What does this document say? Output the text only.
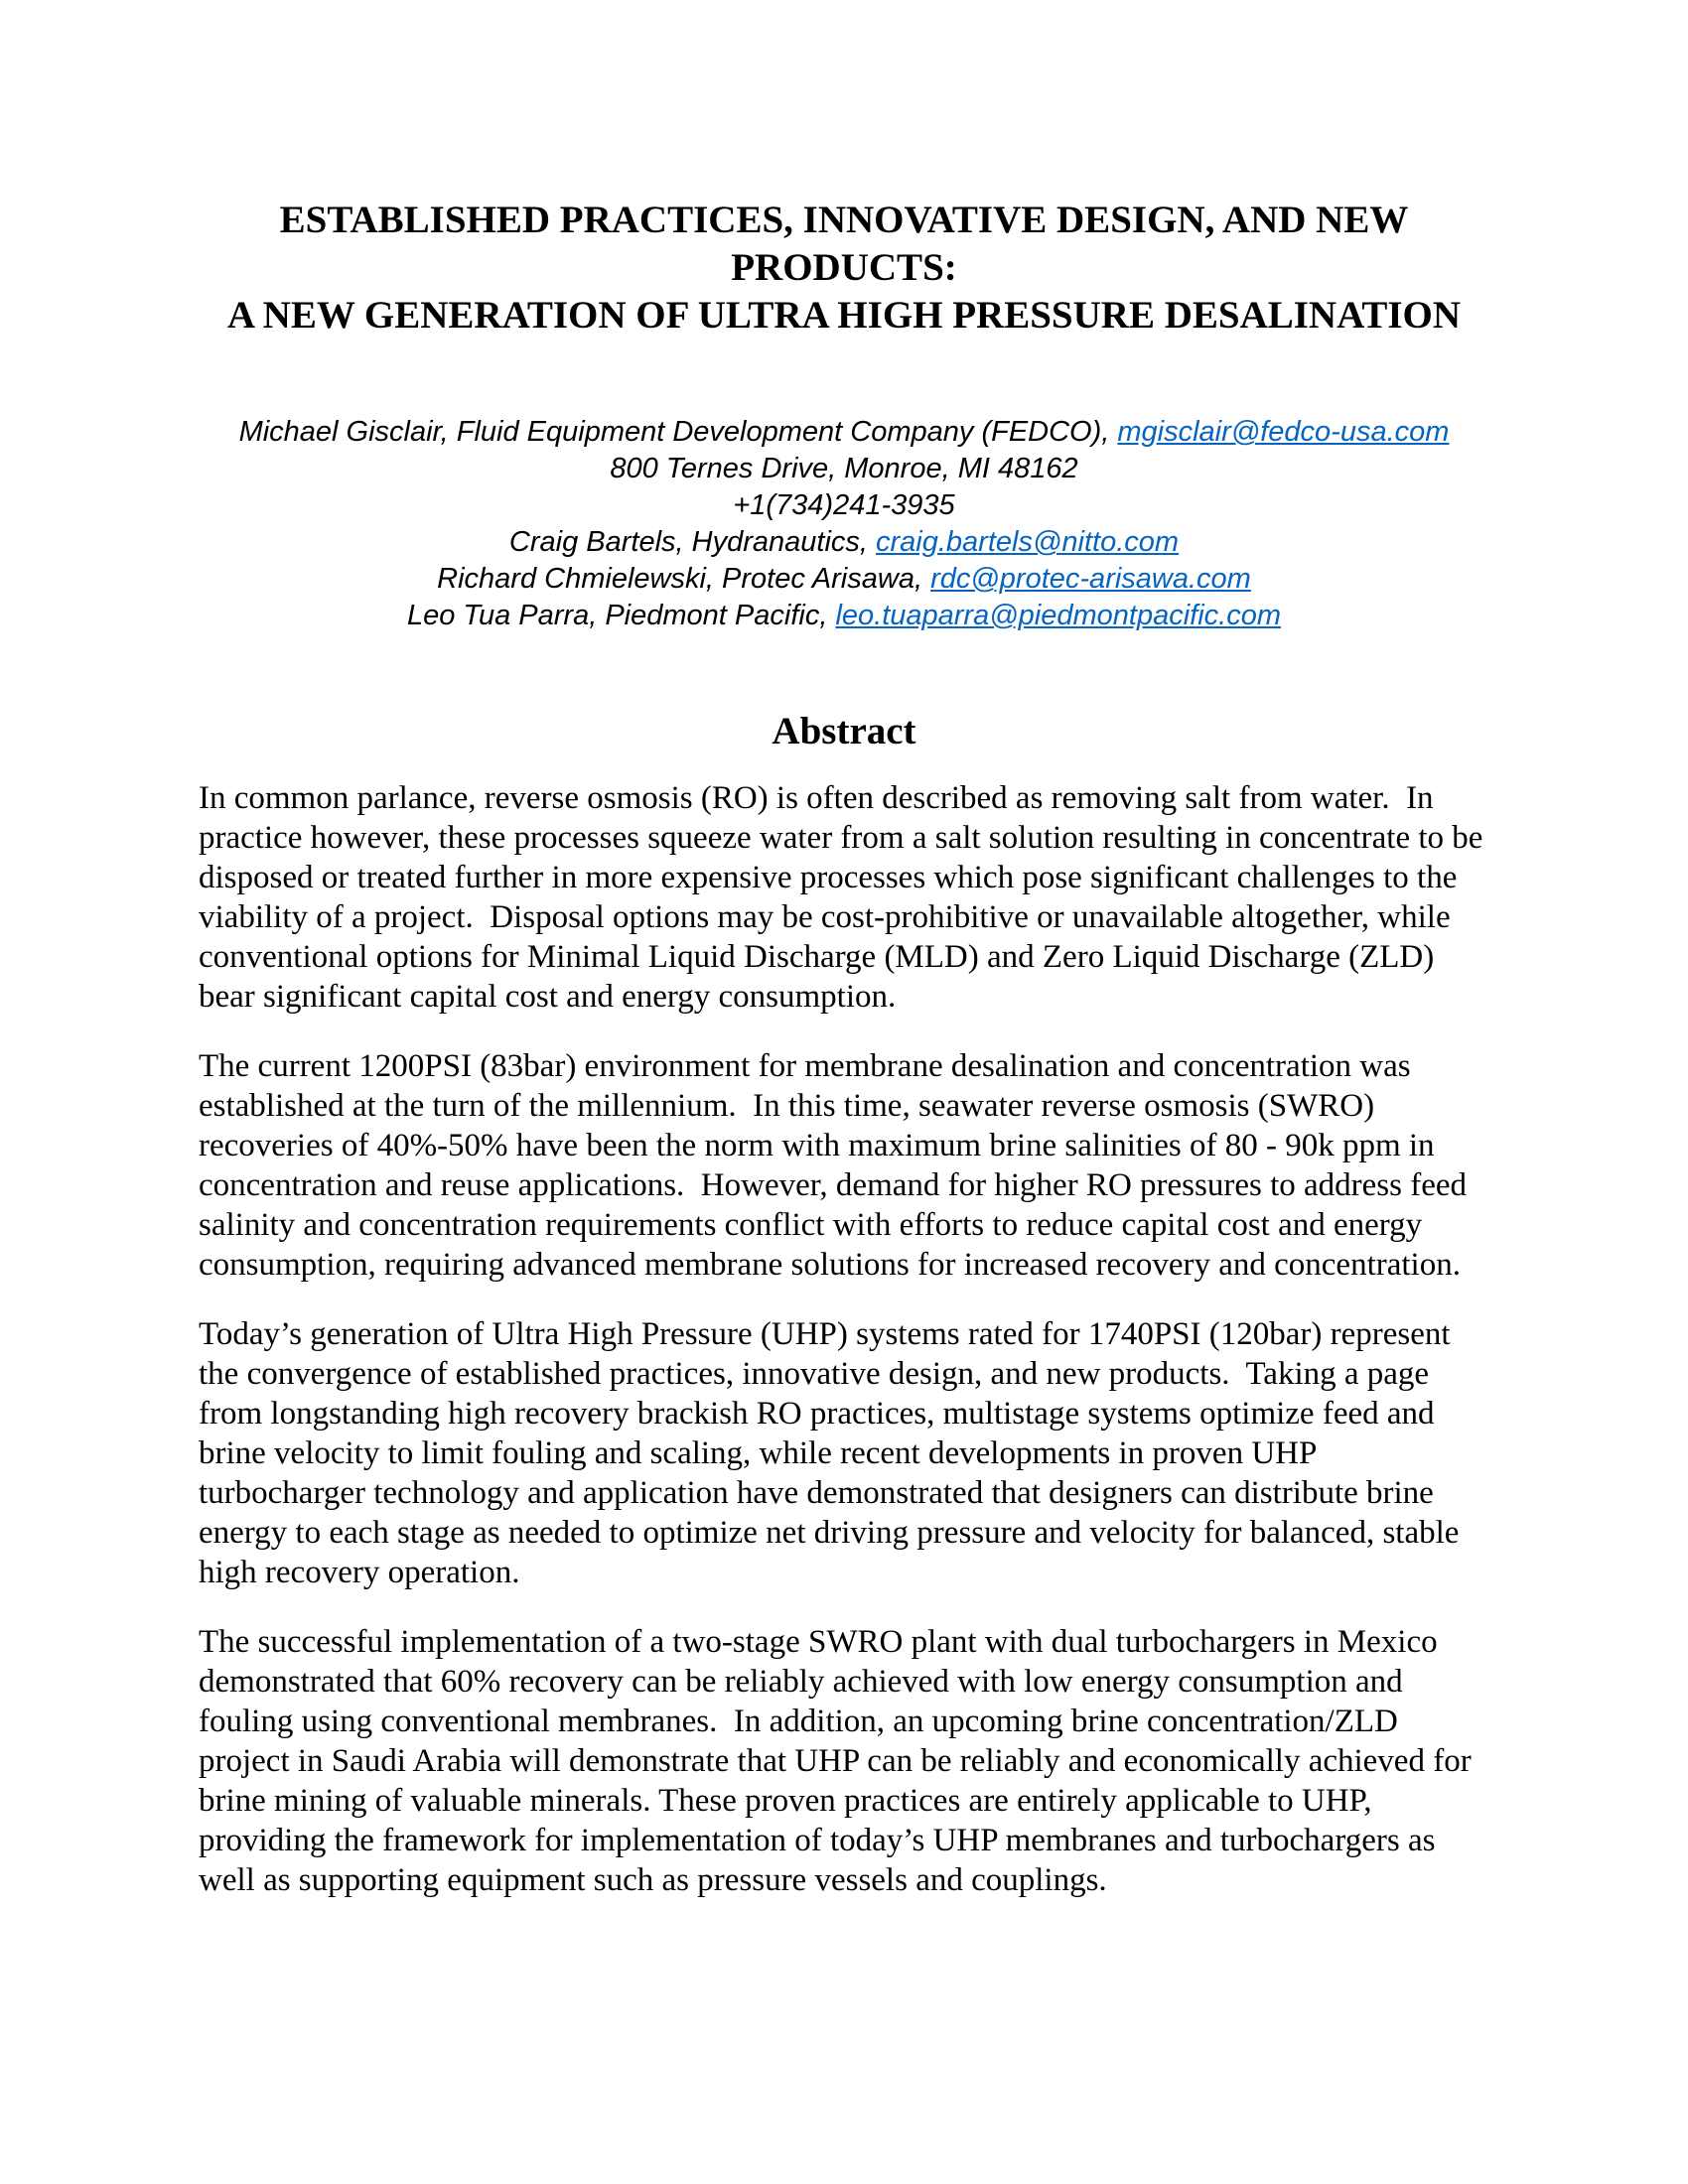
ESTABLISHED PRACTICES, INNOVATIVE DESIGN, AND NEW
PRODUCTS:
A NEW GENERATION OF ULTRA HIGH PRESSURE DESALINATION
Michael Gisclair, Fluid Equipment Development Company (FEDCO), mgisclair@fedco-usa.com
800 Ternes Drive, Monroe, MI 48162
+1(734)241-3935
Craig Bartels, Hydranautics, craig.bartels@nitto.com
Richard Chmielewski, Protec Arisawa, rdc@protec-arisawa.com
Leo Tua Parra, Piedmont Pacific, leo.tuaparra@piedmontpacific.com
Abstract

In common parlance, reverse osmosis (RO) is often described as removing salt from water.  In practice however, these processes squeeze water from a salt solution resulting in concentrate to be disposed or treated further in more expensive processes which pose significant challenges to the viability of a project.  Disposal options may be cost-prohibitive or unavailable altogether, while conventional options for Minimal Liquid Discharge (MLD) and Zero Liquid Discharge (ZLD) bear significant capital cost and energy consumption.

The current 1200PSI (83bar) environment for membrane desalination and concentration was established at the turn of the millennium.  In this time, seawater reverse osmosis (SWRO) recoveries of 40%-50% have been the norm with maximum brine salinities of 80 - 90k ppm in concentration and reuse applications.  However, demand for higher RO pressures to address feed salinity and concentration requirements conflict with efforts to reduce capital cost and energy consumption, requiring advanced membrane solutions for increased recovery and concentration.

Today’s generation of Ultra High Pressure (UHP) systems rated for 1740PSI (120bar) represent the convergence of established practices, innovative design, and new products.  Taking a page from longstanding high recovery brackish RO practices, multistage systems optimize feed and brine velocity to limit fouling and scaling, while recent developments in proven UHP turbocharger technology and application have demonstrated that designers can distribute brine energy to each stage as needed to optimize net driving pressure and velocity for balanced, stable high recovery operation.

The successful implementation of a two-stage SWRO plant with dual turbochargers in Mexico demonstrated that 60% recovery can be reliably achieved with low energy consumption and fouling using conventional membranes.  In addition, an upcoming brine concentration/ZLD project in Saudi Arabia will demonstrate that UHP can be reliably and economically achieved for brine mining of valuable minerals. These proven practices are entirely applicable to UHP, providing the framework for implementation of today’s UHP membranes and turbochargers as well as supporting equipment such as pressure vessels and couplings.
